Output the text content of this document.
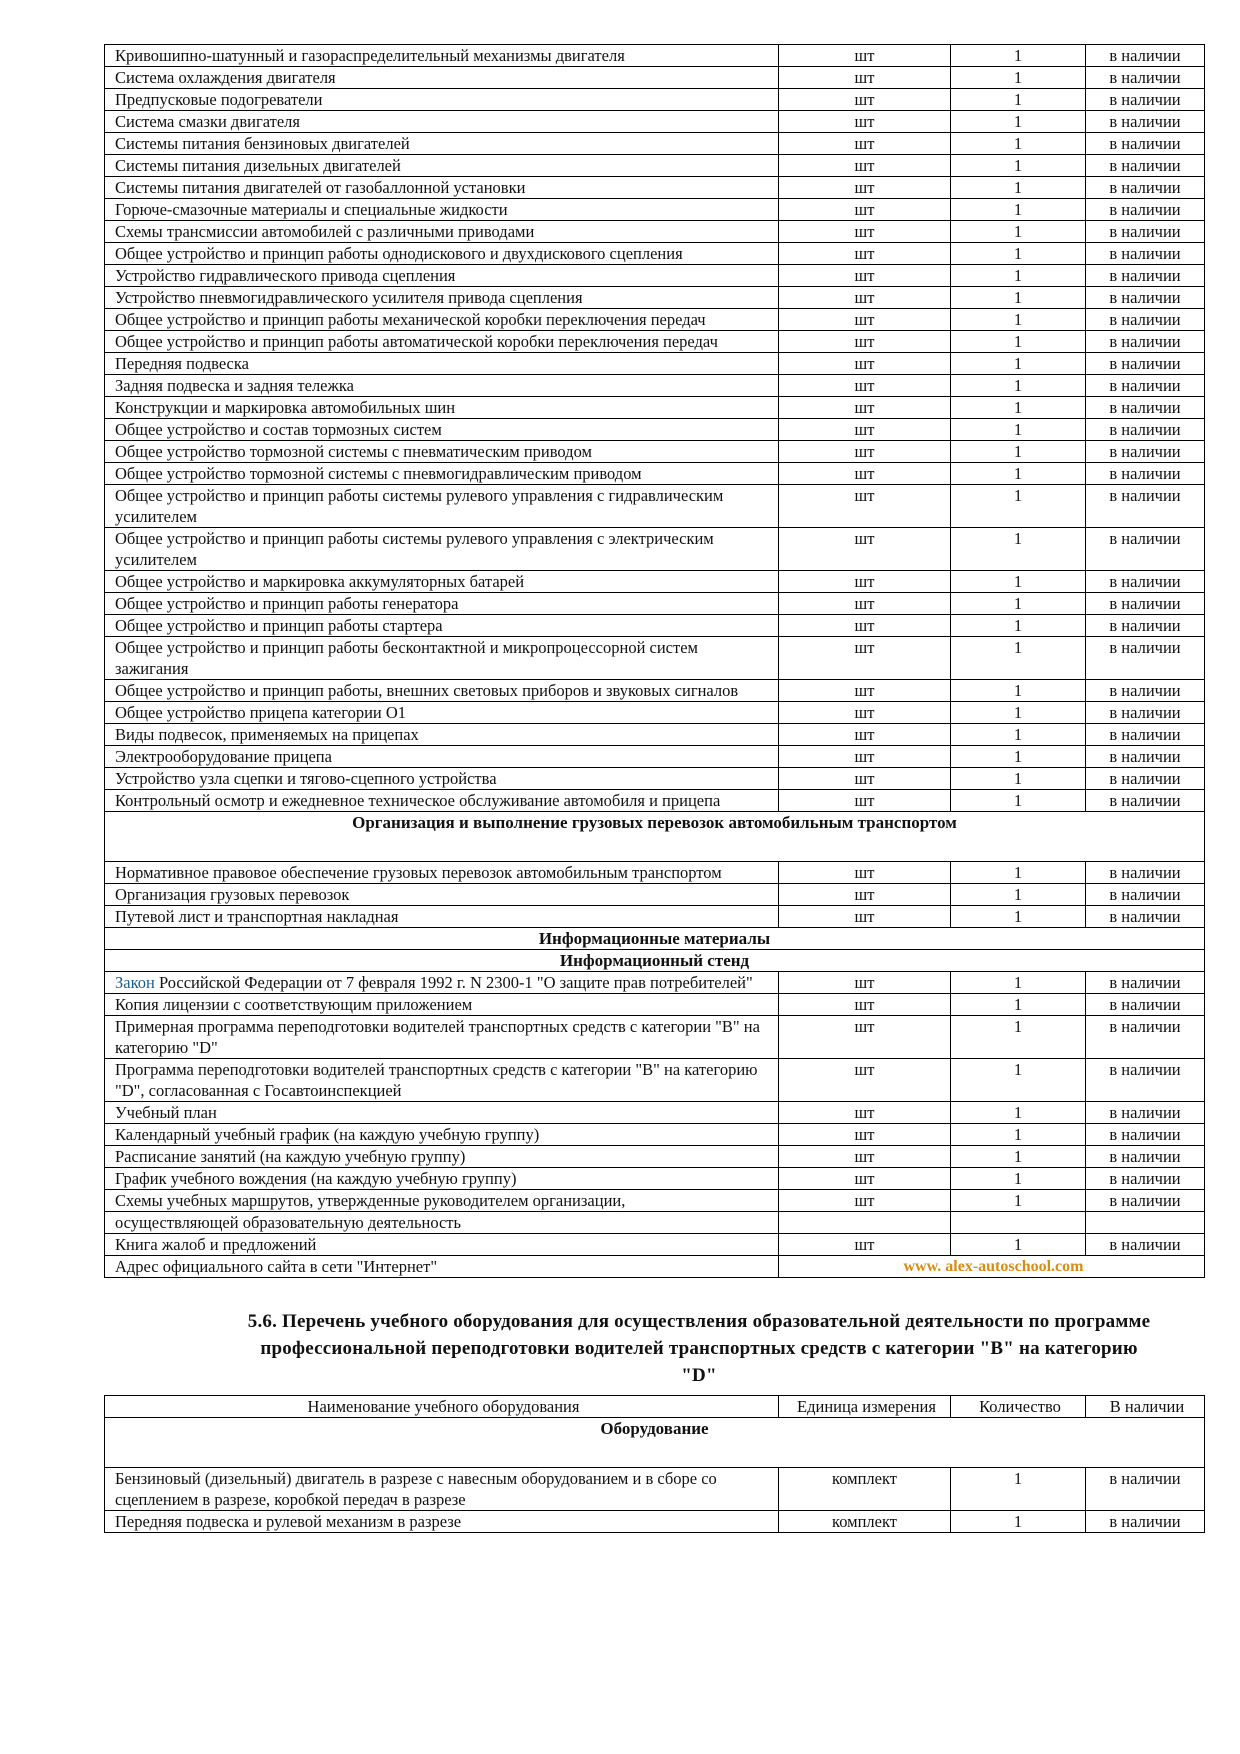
Кривошипно-шатунный и газораспределительный механизмы двигателя	шт	1	в наличии
Система охлаждения двигателя	шт	1	в наличии
Предпусковые подогреватели	шт	1	в наличии
Система смазки двигателя	шт	1	в наличии
Системы питания бензиновых двигателей	шт	1	в наличии
Системы питания дизельных двигателей	шт	1	в наличии
Системы питания двигателей от газобаллонной установки	шт	1	в наличии
Горюче-смазочные материалы и специальные жидкости	шт	1	в наличии
Схемы трансмиссии автомобилей с различными приводами	шт	1	в наличии
Общее устройство и принцип работы однодискового и двухдискового сцепления	шт	1	в наличии
Устройство гидравлического привода сцепления	шт	1	в наличии
Устройство пневмогидравлического усилителя привода сцепления	шт	1	в наличии
Общее устройство и принцип работы механической коробки переключения передач	шт	1	в наличии
Общее устройство и принцип работы автоматической коробки переключения передач	шт	1	в наличии
Передняя подвеска	шт	1	в наличии
Задняя подвеска и задняя тележка	шт	1	в наличии
Конструкции и маркировка автомобильных шин	шт	1	в наличии
Общее устройство и состав тормозных систем	шт	1	в наличии
Общее устройство тормозной системы с пневматическим приводом	шт	1	в наличии
Общее устройство тормозной системы с пневмогидравлическим приводом	шт	1	в наличии
Общее устройство и принцип работы системы рулевого управления с гидравлическим усилителем	шт	1	в наличии
Общее устройство и принцип работы системы рулевого управления с электрическим усилителем	шт	1	в наличии
Общее устройство и маркировка аккумуляторных батарей	шт	1	в наличии
Общее устройство и принцип работы генератора	шт	1	в наличии
Общее устройство и принцип работы стартера	шт	1	в наличии
Общее устройство и принцип работы бесконтактной и микропроцессорной систем зажигания	шт	1	в наличии
Общее устройство и принцип работы, внешних световых приборов и звуковых сигналов	шт	1	в наличии
Общее устройство прицепа категории O1	шт	1	в наличии
Виды подвесок, применяемых на прицепах	шт	1	в наличии
Электрооборудование прицепа	шт	1	в наличии
Устройство узла сцепки и тягово-сцепного устройства	шт	1	в наличии
Контрольный осмотр и ежедневное техническое обслуживание автомобиля и прицепа	шт	1	в наличии
Организация и выполнение грузовых перевозок автомобильным транспортом			
Нормативное правовое обеспечение грузовых перевозок автомобильным транспортом	шт	1	в наличии
Организация грузовых перевозок	шт	1	в наличии
Путевой лист и транспортная накладная	шт	1	в наличии
Информационные материалы			
Информационный стенд			
Закон Российской Федерации от 7 февраля 1992 г. N 2300-1 "О защите прав потребителей"	шт	1	в наличии
Копия лицензии с соответствующим приложением	шт	1	в наличии
Примерная программа переподготовки водителей транспортных средств с категории "B" на категорию "D"	шт	1	в наличии
Программа переподготовки водителей транспортных средств с категории "B" на категорию "D", согласованная с Госавтоинспекцией	шт	1	в наличии
Учебный план	шт	1	в наличии
Календарный учебный график (на каждую учебную группу)	шт	1	в наличии
Расписание занятий (на каждую учебную группу)	шт	1	в наличии
График учебного вождения (на каждую учебную группу)	шт	1	в наличии
Схемы учебных маршрутов, утвержденные руководителем организации,	шт	1	в наличии
осуществляющей образовательную деятельность			
Книга жалоб и предложений	шт	1	в наличии
Адрес официального сайта в сети "Интернет"	www. alex-autoschool.com		
5.6. Перечень учебного оборудования для осуществления образовательной деятельности по программе
профессиональной переподготовки водителей транспортных средств с категории "B" на категорию
"D"
Наименование учебного оборудования	Единица измерения	Количество	В наличии
Оборудование			
Бензиновый (дизельный) двигатель в разрезе с навесным оборудованием и в сборе со сцеплением в разрезе, коробкой передач в разрезе	комплект	1	в наличии
Передняя подвеска и рулевой механизм в разрезе	комплект	1	в наличии
